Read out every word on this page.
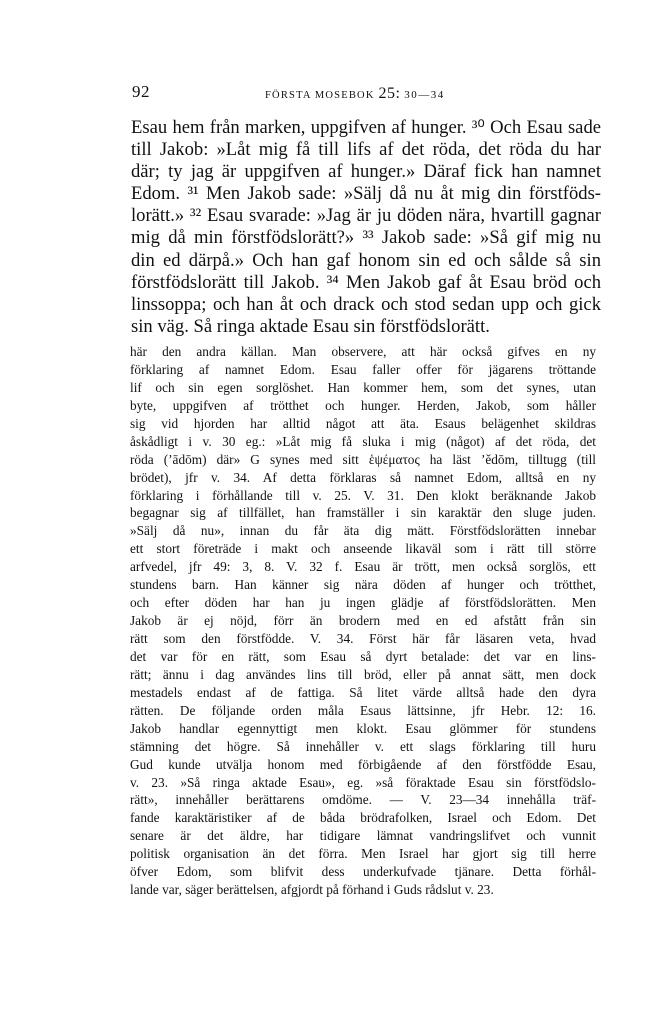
92	FÖRSTA MOSEBOK 25: 30—34
Esau hem från marken, uppgifven af hunger. ³⁰ Och Esau sade
till Jakob: »Låt mig få till lifs af det röda, det röda du har
där; ty jag är uppgifven af hunger.» Däraf fick han namnet
Edom. ³¹ Men Jakob sade: »Sälj då nu åt mig din förstföds-
lorätt.» ³² Esau svarade: »Jag är ju döden nära, hvartill gagnar
mig då min förstfödslorätt?» ³³ Jakob sade: »Så gif mig nu
din ed därpå.» Och han gaf honom sin ed och sålde så sin
förstfödslorätt till Jakob. ³⁴ Men Jakob gaf åt Esau bröd och
linssoppa; och han åt och drack och stod sedan upp och gick
sin väg. Så ringa aktade Esau sin förstfödslorätt.
här den andra källan. Man observere, att här också gifves en ny
förklaring af namnet Edom. Esau faller offer för jägarens tröttande
lif och sin egen sorglöshet. Han kommer hem, som det synes, utan
byte, uppgifven af trötthet och hunger. Herden, Jakob, som håller
sig vid hjorden har alltid något att äta. Esaus belägenhet skildras
åskådligt i v. 30 eg.: »Låt mig få sluka i mig (något) af det röda, det
röda (ʼādōm) där» G synes med sitt ἑψέματος ha läst ʼědōm, tilltugg (till
brödet), jfr v. 34. Af detta förklaras så namnet Edom, alltså en ny
förklaring i förhållande till v. 25. V. 31. Den klokt beräknande Jakob
begagnar sig af tillfället, han framställer i sin karaktär den sluge juden.
»Sälj då nu», innan du får äta dig mätt. Förstfödslorätten innebar
ett stort företräde i makt och anseende likaväl som i rätt till större
arfvedel, jfr 49: 3, 8. V. 32 f. Esau är trött, men också sorglös, ett
stundens barn. Han känner sig nära döden af hunger och trötthet,
och efter döden har han ju ingen glädje af förstfödslorätten. Men
Jakob är ej nöjd, förr än brodern med en ed afstått från sin
rätt som den förstfödde. V. 34. Först här får läsaren veta, hvad
det var för en rätt, som Esau så dyrt betalade: det var en lins-
rätt; ännu i dag användes lins till bröd, eller på annat sätt, men dock
mestadels endast af de fattiga. Så litet värde alltså hade den dyra
rätten. De följande orden måla Esaus lättsinne, jfr Hebr. 12: 16.
Jakob handlar egennyttigt men klokt. Esau glömmer för stundens
stämning det högre. Så innehåller v. ett slags förklaring till huru
Gud kunde utvälja honom med förbigående af den förstfödde Esau,
v. 23. »Så ringa aktade Esau», eg. »så föraktade Esau sin förstfödslo-
rätt», innehåller berättarens omdöme. — V. 23—34 innehålla träf-
fande karaktäristiker af de båda brödrafolken, Israel och Edom. Det
senare är det äldre, har tidigare lämnat vandringslifvet och vunnit
politisk organisation än det förra. Men Israel har gjort sig till herre
öfver Edom, som blifvit dess underkufvade tjänare. Detta förhål-
lande var, säger berättelsen, afgjordt på förhand i Guds rådslut v. 23.
